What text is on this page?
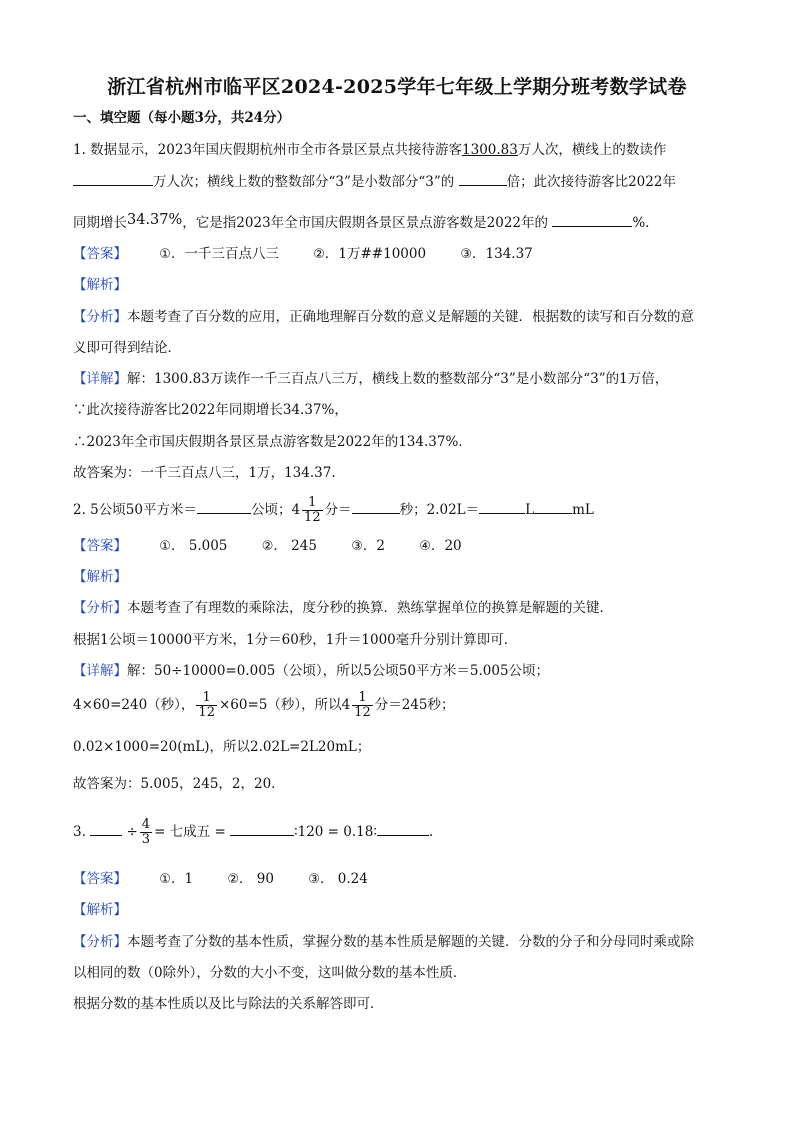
浙江省杭州市临平区2024-2025学年七年级上学期分班考数学试卷
一、填空题（每小题3分，共24分）
1. 数据显示，2023年国庆假期杭州市全市各景区景点共接待游客1300.83万人次，横线上的数读作
万人次；横线上数的整数部分“3”是小数部分“3”的	倍；此次接待游客比2022年
同期增长34.37%，它是指2023年全市国庆假期各景区景点游客数是2022年的	%.
【答案】 ①．一千三百点八三	②．1万##10000	③．134.37
【解析】
【分析】本题考查了百分数的应用，正确地理解百分数的意义是解题的关键．根据数的读写和百分数的意
义即可得到结论．
【详解】解：1300.83万读作一千三百点八三万，横线上数的整数部分“3”是小数部分“3”的1万倍，
∵此次接待游客比2022年同期增长34.37%，
∴2023年全市国庆假期各景区景点游客数是2022年的134.37%．
故答案为：一千三百点八三，1万，134.37.
2. 5公顷50平方米＝	公顷；$4 \frac{1}{12}$ 分＝	秒；2.02L＝	L	mL
【答案】 ①． 5.005	②． 245	③．2	④．20
【解析】
【分析】本题考查了有理数的乘除法，度分秒的换算．熟练掌握单位的换算是解题的关键．
根据1公顷＝10000平方米，1分＝60秒，1升＝1000毫升分别计算即可．
【详解】解：50÷10000=0.005（公顷），所以5公顷50平方米＝5.005公顷；
4×60=240（秒）， $\frac{1}{12} \times 60=5$（秒），所以$4 \frac{1}{12}$ 分＝245秒；
0.02×1000=20(mL)，所以2.02L=2L20mL；
故答案为：5.005，245，2，20．
3.	÷ $\frac{4}{3}$ = 七成五 =	∶120 = 0.18∶	.
【答案】 ①．1	②． 90	③． 0.24
【解析】
【分析】本题考查了分数的基本性质，掌握分数的基本性质是解题的关键．分数的分子和分母同时乘或除
以相同的数（0除外），分数的大小不变，这叫做分数的基本性质．
根据分数的基本性质以及比与除法的关系解答即可．
